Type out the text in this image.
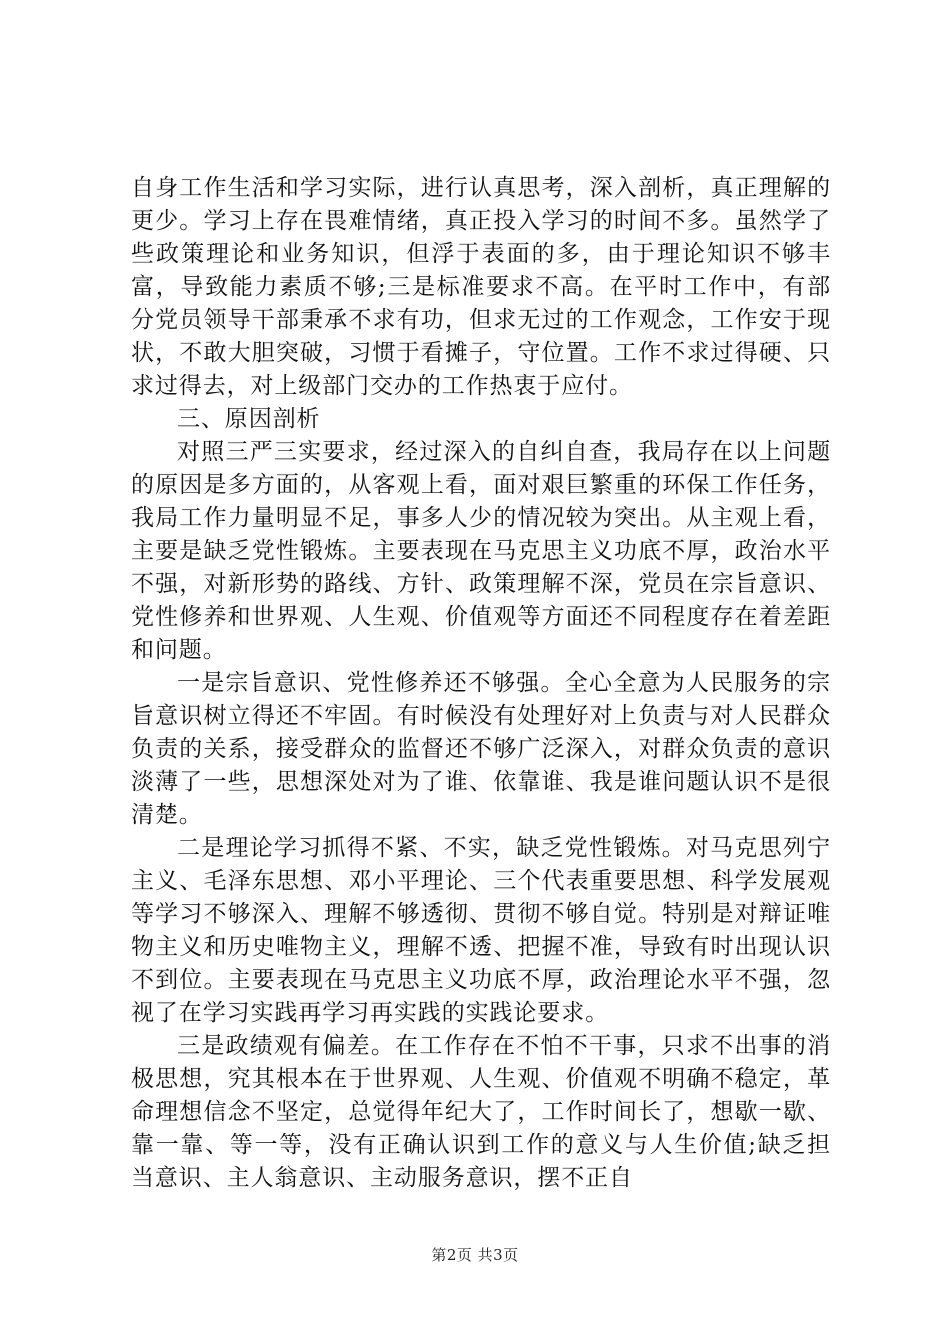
自身工作生活和学习实际，进行认真思考，深入剖析，真正理解的更少。学习上存在畏难情绪，真正投入学习的时间不多。虽然学了些政策理论和业务知识，但浮于表面的多，由于理论知识不够丰富，导致能力素质不够;三是标准要求不高。在平时工作中，有部分党员领导干部秉承不求有功，但求无过的工作观念，工作安于现状，不敢大胆突破，习惯于看摊子，守位置。工作不求过得硬、只求过得去，对上级部门交办的工作热衷于应付。

三、原因剖析

对照三严三实要求，经过深入的自纠自查，我局存在以上问题的原因是多方面的，从客观上看，面对艰巨繁重的环保工作任务，我局工作力量明显不足，事多人少的情况较为突出。从主观上看，主要是缺乏党性锻炼。主要表现在马克思主义功底不厚，政治水平不强，对新形势的路线、方针、政策理解不深，党员在宗旨意识、党性修养和世界观、人生观、价值观等方面还不同程度存在着差距和问题。

一是宗旨意识、党性修养还不够强。全心全意为人民服务的宗旨意识树立得还不牢固。有时候没有处理好对上负责与对人民群众负责的关系，接受群众的监督还不够广泛深入，对群众负责的意识淡薄了一些，思想深处对为了谁、依靠谁、我是谁问题认识不是很清楚。

二是理论学习抓得不紧、不实，缺乏党性锻炼。对马克思列宁主义、毛泽东思想、邓小平理论、三个代表重要思想、科学发展观等学习不够深入、理解不够透彻、贯彻不够自觉。特别是对辩证唯物主义和历史唯物主义，理解不透、把握不准，导致有时出现认识不到位。主要表现在马克思主义功底不厚，政治理论水平不强，忽视了在学习实践再学习再实践的实践论要求。

三是政绩观有偏差。在工作存在不怕不干事，只求不出事的消极思想，究其根本在于世界观、人生观、价值观不明确不稳定，革命理想信念不坚定，总觉得年纪大了，工作时间长了，想歇一歇、靠一靠、等一等，没有正确认识到工作的意义与人生价值;缺乏担当意识、主人翁意识、主动服务意识，摆不正自

第2页 共3页
